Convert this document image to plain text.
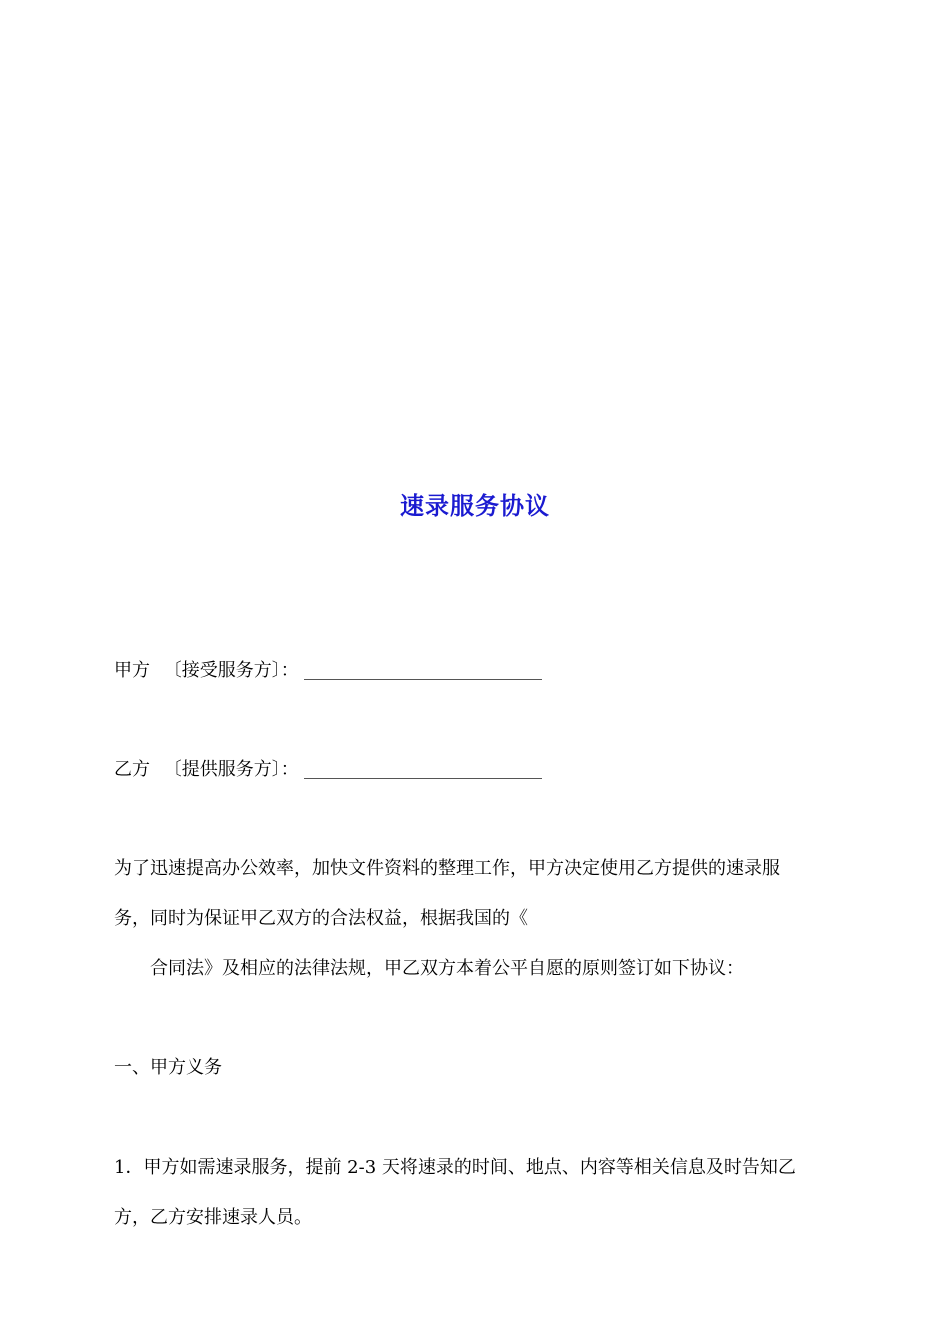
速录服务协议
甲方 〔接受服务方〕：
乙方 〔提供服务方〕：
为了迅速提高办公效率，加快文件资料的整理工作，甲方决定使用乙方提供的速录服
务，同时为保证甲乙双方的合法权益，根据我国的《
合同法》及相应的法律法规，甲乙双方本着公平自愿的原则签订如下协议：
一、甲方义务
1．甲方如需速录服务，提前 2-3 天将速录的时间、地点、内容等相关信息及时告知乙
方，乙方安排速录人员。
